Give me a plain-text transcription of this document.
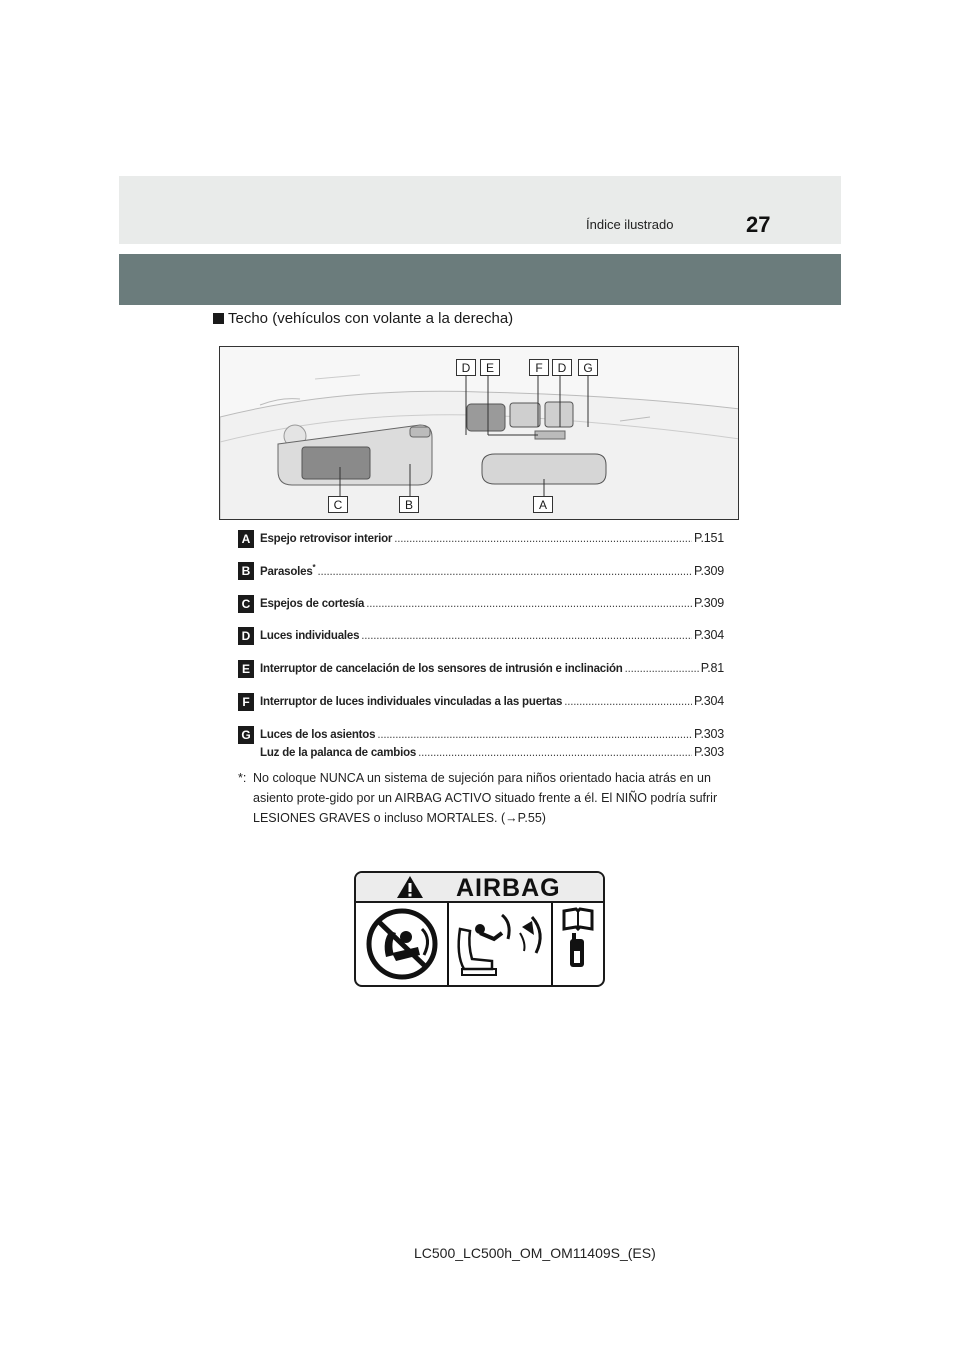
Índice ilustrado	27
Techo (vehículos con volante a la derecha)
D	E	F	D	G
C	B	A
A Espejo retrovisor interior .....	P.151
B Parasoles* .....	P.309
C Espejos de cortesía .....	P.309
D Luces individuales .....	P.304
E Interruptor de cancelación de los sensores de intrusión e inclinación .....	P.81
F Interruptor de luces individuales vinculadas a las puertas .....	P.304
G Luces de los asientos .....	P.303
Luz de la palanca de cambios .....	P.303
*: No coloque NUNCA un sistema de sujeción para niños orientado hacia atrás en un asiento prote-gido por un AIRBAG ACTIVO situado frente a él. El NIÑO podría sufrir LESIONES GRAVES o incluso MORTALES. (→P.55)
AIRBAG
LC500_LC500h_OM_OM11409S_(ES)
